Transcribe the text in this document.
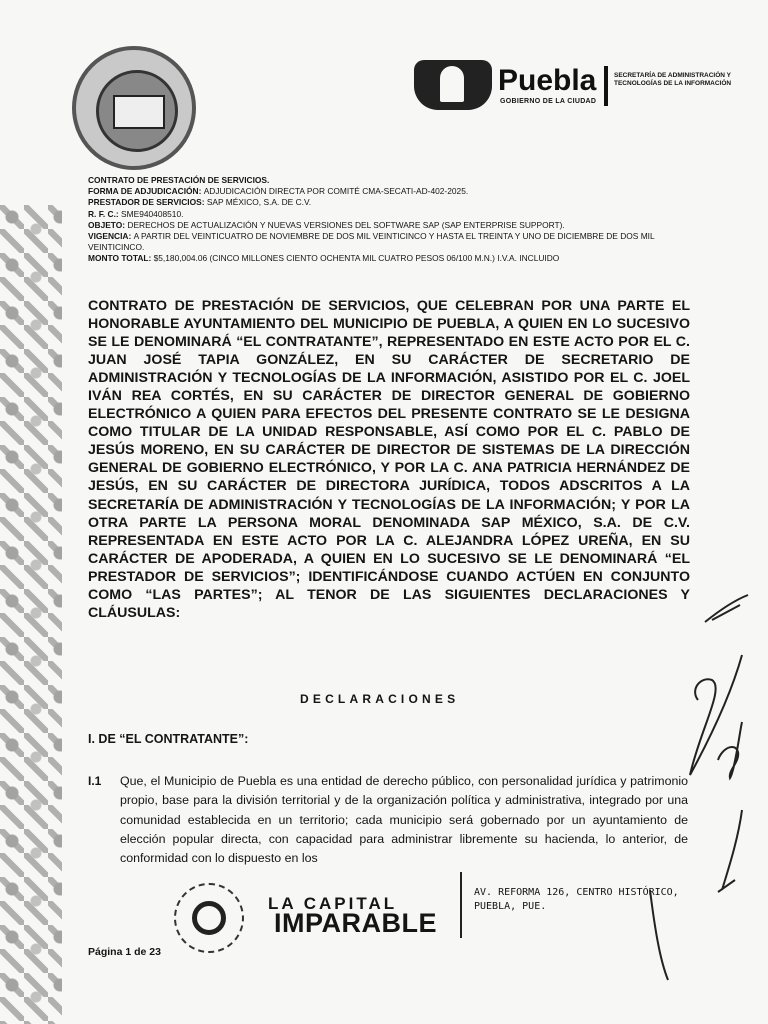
Puebla
GOBIERNO DE LA CIUDAD
SECRETARÍA DE ADMINISTRACIÓN Y TECNOLOGÍAS DE LA INFORMACIÓN
CONTRATO DE PRESTACIÓN DE SERVICIOS.
FORMA DE ADJUDICACIÓN: ADJUDICACIÓN DIRECTA POR COMITÉ CMA-SECATI-AD-402-2025.
PRESTADOR DE SERVICIOS: SAP MÉXICO, S.A. DE C.V.
R. F. C.: SME940408510.
OBJETO: DERECHOS DE ACTUALIZACIÓN Y NUEVAS VERSIONES DEL SOFTWARE SAP (SAP ENTERPRISE SUPPORT).
VIGENCIA: A PARTIR DEL VEINTICUATRO DE NOVIEMBRE DE DOS MIL VEINTICINCO Y HASTA EL TREINTA Y UNO DE DICIEMBRE DE DOS MIL VEINTICINCO.
MONTO TOTAL: $5,180,004.06 (CINCO MILLONES CIENTO OCHENTA MIL CUATRO PESOS 06/100 M.N.) I.V.A. INCLUIDO
CONTRATO DE PRESTACIÓN DE SERVICIOS, QUE CELEBRAN POR UNA PARTE EL HONORABLE AYUNTAMIENTO DEL MUNICIPIO DE PUEBLA, A QUIEN EN LO SUCESIVO SE LE DENOMINARÁ “EL CONTRATANTE”, REPRESENTADO EN ESTE ACTO POR EL C. JUAN JOSÉ TAPIA GONZÁLEZ, EN SU CARÁCTER DE SECRETARIO DE ADMINISTRACIÓN Y TECNOLOGÍAS DE LA INFORMACIÓN, ASISTIDO POR EL C. JOEL IVÁN REA CORTÉS, EN SU CARÁCTER DE DIRECTOR GENERAL DE GOBIERNO ELECTRÓNICO A QUIEN PARA EFECTOS DEL PRESENTE CONTRATO SE LE DESIGNA COMO TITULAR DE LA UNIDAD RESPONSABLE, ASÍ COMO POR EL C. PABLO DE JESÚS MORENO, EN SU CARÁCTER DE DIRECTOR DE SISTEMAS DE LA DIRECCIÓN GENERAL DE GOBIERNO ELECTRÓNICO, Y POR LA C. ANA PATRICIA HERNÁNDEZ DE JESÚS, EN SU CARÁCTER DE DIRECTORA JURÍDICA, TODOS ADSCRITOS A LA SECRETARÍA DE ADMINISTRACIÓN Y TECNOLOGÍAS DE LA INFORMACIÓN; Y POR LA OTRA PARTE LA PERSONA MORAL DENOMINADA SAP MÉXICO, S.A. DE C.V. REPRESENTADA EN ESTE ACTO POR LA C. ALEJANDRA LÓPEZ UREÑA, EN SU CARÁCTER DE APODERADA, A QUIEN EN LO SUCESIVO SE LE DENOMINARÁ “EL PRESTADOR DE SERVICIOS”; IDENTIFICÁNDOSE CUANDO ACTÚEN EN CONJUNTO COMO “LAS PARTES”; AL TENOR DE LAS SIGUIENTES DECLARACIONES Y CLÁUSULAS:
DECLARACIONES
I. DE “EL CONTRATANTE”:
I.1 Que, el Municipio de Puebla es una entidad de derecho público, con personalidad jurídica y patrimonio propio, base para la división territorial y de la organización política y administrativa, integrado por una comunidad establecida en un territorio; cada municipio será gobernado por un ayuntamiento de elección popular directa, con capacidad para administrar libremente su hacienda, lo anterior, de conformidad con lo dispuesto en los
LA CAPITAL
IMPARABLE
AV. REFORMA 126, CENTRO HISTÓRICO, PUEBLA, PUE.
Página 1 de 23
